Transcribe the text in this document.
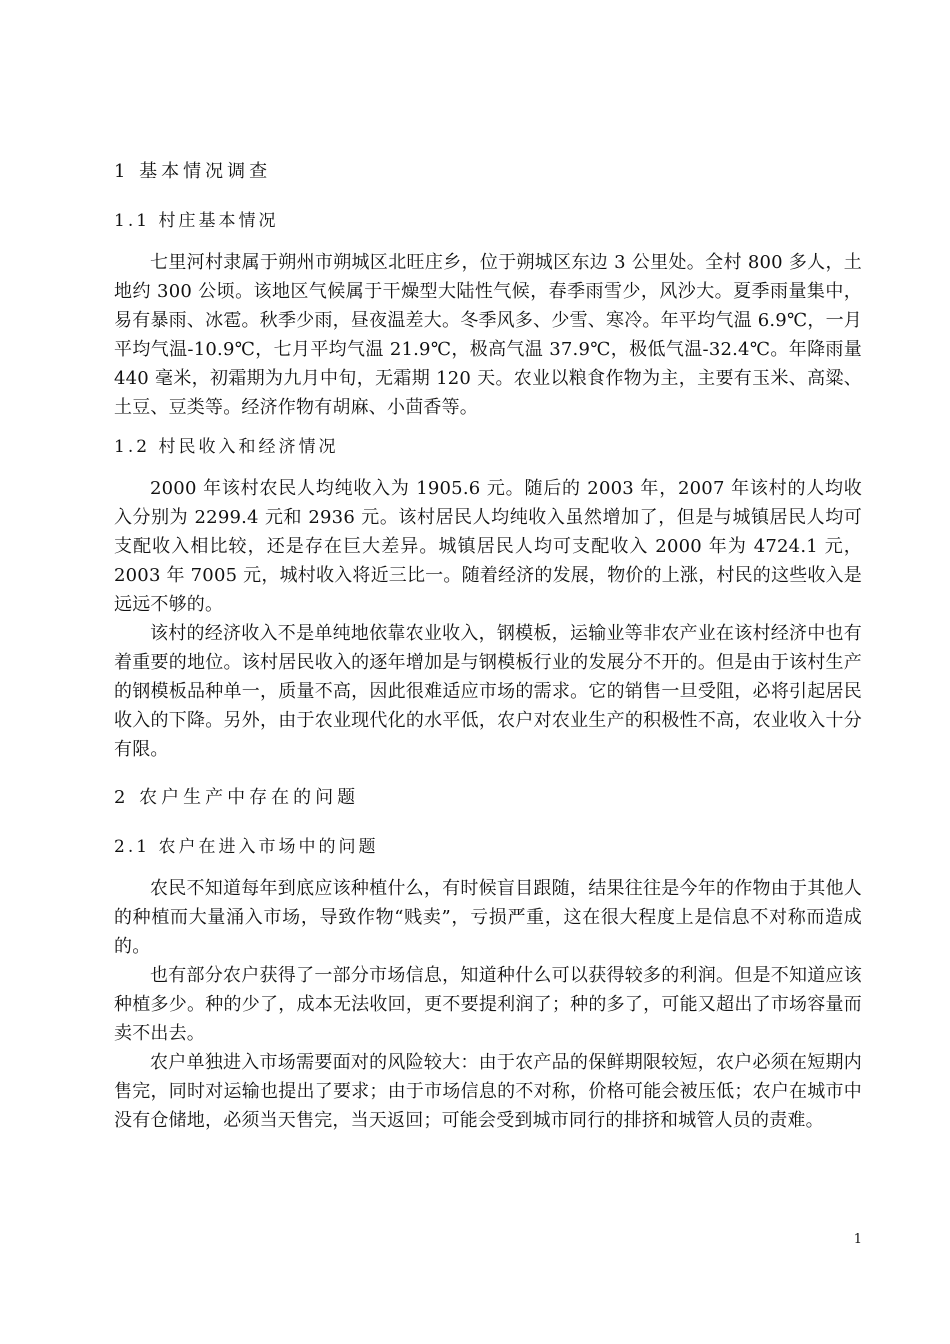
1 基本情况调查
1.1 村庄基本情况

七里河村隶属于朔州市朔城区北旺庄乡，位于朔城区东边 3 公里处。全村 800 多人，土地约 300 公顷。该地区气候属于干燥型大陆性气候，春季雨雪少，风沙大。夏季雨量集中，易有暴雨、冰雹。秋季少雨，昼夜温差大。冬季风多、少雪、寒冷。年平均气温 6.9℃，一月平均气温-10.9℃，七月平均气温 21.9℃，极高气温 37.9℃，极低气温-32.4℃。年降雨量 440 毫米，初霜期为九月中旬，无霜期 120 天。农业以粮食作物为主，主要有玉米、高粱、土豆、豆类等。经济作物有胡麻、小茴香等。

1.2 村民收入和经济情况

2000 年该村农民人均纯收入为 1905.6 元。随后的 2003 年，2007 年该村的人均收入分别为 2299.4 元和 2936 元。该村居民人均纯收入虽然增加了，但是与城镇居民人均可支配收入相比较，还是存在巨大差异。城镇居民人均可支配收入 2000 年为 4724.1 元，2003 年 7005 元，城村收入将近三比一。随着经济的发展，物价的上涨，村民的这些收入是远远不够的。

该村的经济收入不是单纯地依靠农业收入，钢模板，运输业等非农产业在该村经济中也有着重要的地位。该村居民收入的逐年增加是与钢模板行业的发展分不开的。但是由于该村生产的钢模板品种单一，质量不高，因此很难适应市场的需求。它的销售一旦受阻，必将引起居民收入的下降。另外，由于农业现代化的水平低，农户对农业生产的积极性不高，农业收入十分有限。

2 农户生产中存在的问题
2.1 农户在进入市场中的问题

农民不知道每年到底应该种植什么，有时候盲目跟随，结果往往是今年的作物由于其他人的种植而大量涌入市场，导致作物“贱卖”，亏损严重，这在很大程度上是信息不对称而造成的。

也有部分农户获得了一部分市场信息，知道种什么可以获得较多的利润。但是不知道应该种植多少。种的少了，成本无法收回，更不要提利润了；种的多了，可能又超出了市场容量而卖不出去。

农户单独进入市场需要面对的风险较大：由于农产品的保鲜期限较短，农户必须在短期内售完，同时对运输也提出了要求；由于市场信息的不对称，价格可能会被压低；农户在城市中没有仓储地，必须当天售完，当天返回；可能会受到城市同行的排挤和城管人员的责难。

1
